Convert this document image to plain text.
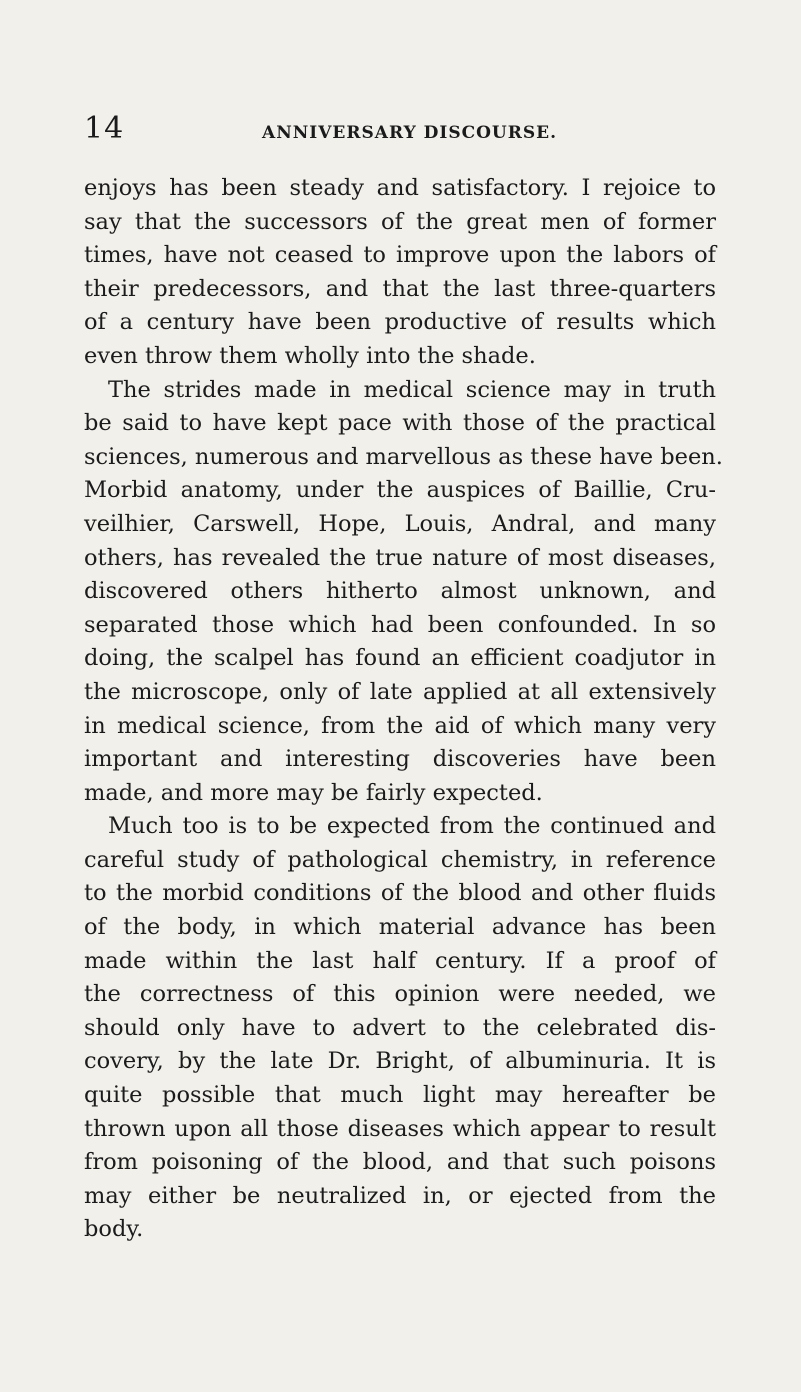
14	ANNIVERSARY DISCOURSE.
enjoys has been steady and satisfactory. I rejoice to
say that the successors of the great men of former
times, have not ceased to improve upon the labors of
their predecessors, and that the last three-quarters
of a century have been productive of results which
even throw them wholly into the shade.
The strides made in medical science may in truth
be said to have kept pace with those of the practical
sciences, numerous and marvellous as these have been.
Morbid anatomy, under the auspices of Baillie, Cru-
veilhier, Carswell, Hope, Louis, Andral, and many
others, has revealed the true nature of most diseases,
discovered others hitherto almost unknown, and
separated those which had been confounded. In so
doing, the scalpel has found an efficient coadjutor in
the microscope, only of late applied at all extensively
in medical science, from the aid of which many very
important and interesting discoveries have been
made, and more may be fairly expected.
Much too is to be expected from the continued and
careful study of pathological chemistry, in reference
to the morbid conditions of the blood and other fluids
of the body, in which material advance has been
made within the last half century. If a proof of
the correctness of this opinion were needed, we
should only have to advert to the celebrated dis-
covery, by the late Dr. Bright, of albuminuria. It is
quite possible that much light may hereafter be
thrown upon all those diseases which appear to result
from poisoning of the blood, and that such poisons
may either be neutralized in, or ejected from the
body.
